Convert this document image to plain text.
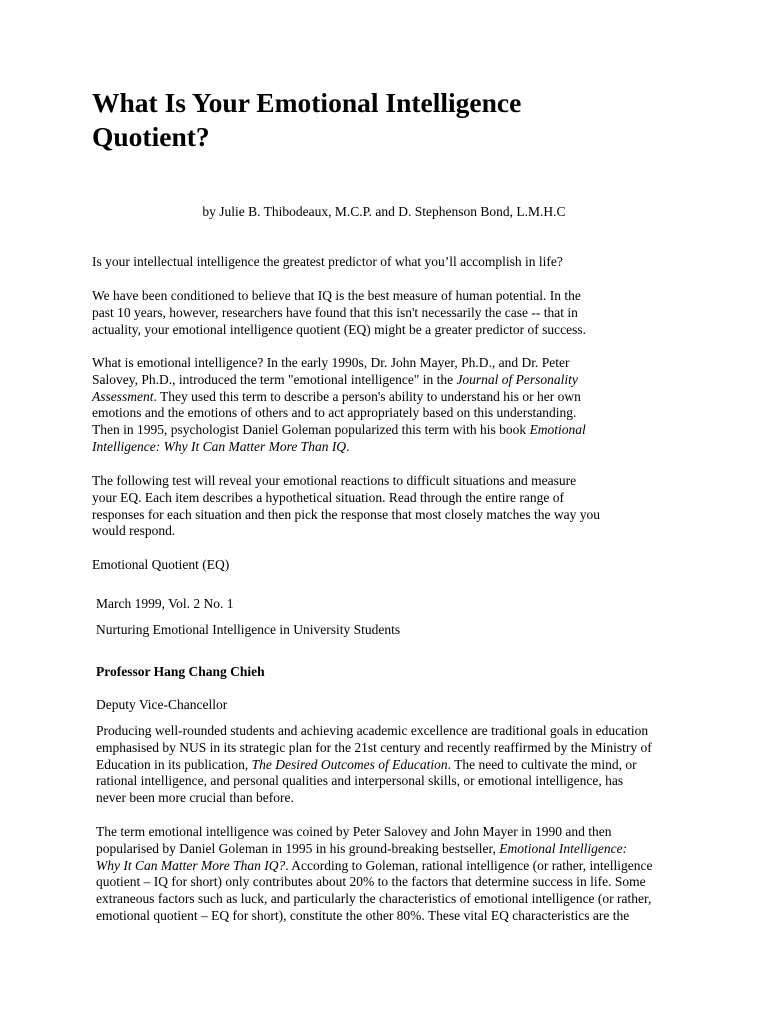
What Is Your Emotional Intelligence
Quotient?
by Julie B. Thibodeaux, M.C.P. and D. Stephenson Bond, L.M.H.C

Is your intellectual intelligence the greatest predictor of what you’ll accomplish in life?

We have been conditioned to believe that IQ is the best measure of human potential. In the
past 10 years, however, researchers have found that this isn't necessarily the case -- that in
actuality, your emotional intelligence quotient (EQ) might be a greater predictor of success.

What is emotional intelligence? In the early 1990s, Dr. John Mayer, Ph.D., and Dr. Peter
Salovey, Ph.D., introduced the term "emotional intelligence" in the Journal of Personality
Assessment. They used this term to describe a person's ability to understand his or her own
emotions and the emotions of others and to act appropriately based on this understanding.
Then in 1995, psychologist Daniel Goleman popularized this term with his book Emotional
Intelligence: Why It Can Matter More Than IQ.

The following test will reveal your emotional reactions to difficult situations and measure
your EQ. Each item describes a hypothetical situation. Read through the entire range of
responses for each situation and then pick the response that most closely matches the way you
would respond.

Emotional Quotient (EQ)

March 1999, Vol. 2 No. 1

Nurturing Emotional Intelligence in University Students

Professor Hang Chang Chieh

Deputy Vice-Chancellor

Producing well-rounded students and achieving academic excellence are traditional goals in education
emphasised by NUS in its strategic plan for the 21st century and recently reaffirmed by the Ministry of
Education in its publication, The Desired Outcomes of Education. The need to cultivate the mind, or
rational intelligence, and personal qualities and interpersonal skills, or emotional intelligence, has
never been more crucial than before.

The term emotional intelligence was coined by Peter Salovey and John Mayer in 1990 and then
popularised by Daniel Goleman in 1995 in his ground-breaking bestseller, Emotional Intelligence:
Why It Can Matter More Than IQ?. According to Goleman, rational intelligence (or rather, intelligence
quotient – IQ for short) only contributes about 20% to the factors that determine success in life. Some
extraneous factors such as luck, and particularly the characteristics of emotional intelligence (or rather,
emotional quotient – EQ for short), constitute the other 80%. These vital EQ characteristics are the
